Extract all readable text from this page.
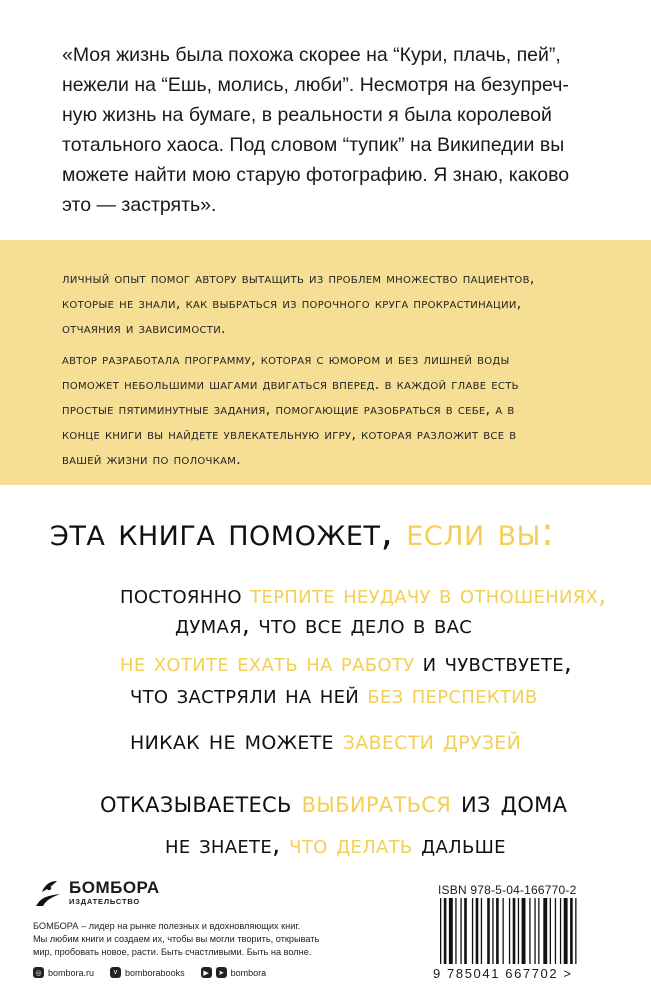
«Моя жизнь была похожа скорее на “Кури, плачь, пей”,
нежели на “Ешь, молись, люби”. Несмотря на безупреч-
ную жизнь на бумаге, в реальности я была королевой
тотального хаоса. Под словом “тупик” на Википедии вы
можете найти мою старую фотографию. Я знаю, каково
это — застрять».
личный опыт помог автору вытащить из проблем множество пациентов,
которые не знали, как выбраться из порочного круга прокрастинации,
отчаяния и зависимости.
автор разработала программу, которая с юмором и без лишней воды
поможет небольшими шагами двигаться вперед. в каждой главе есть
простые пятиминутные задания, помогающие разобраться в себе, а в
конце книги вы найдете увлекательную игру, которая разложит все в
вашей жизни по полочкам.
эта книга поможет, если вы:
постоянно терпите неудачу в отношениях,
думая, что все дело в вас
не хотите ехать на работу и чувствуете,
что застряли на ней без перспектив
никак не можете завести друзей
отказываетесь выбираться из дома
не знаете, что делать дальше
БОМБОРА
ИЗДАТЕЛЬСТВО
БОМБОРА – лидер на рынке полезных и вдохновляющих книг.
Мы любим книги и создаем их, чтобы вы могли творить, открывать
мир, пробовать новое, расти. Быть счастливыми. Быть на волне.
◎ bombora.ru	v bomborabooks	▶	➤ bombora
ISBN 978-5-04-166770-2
9 785041 667702 >
